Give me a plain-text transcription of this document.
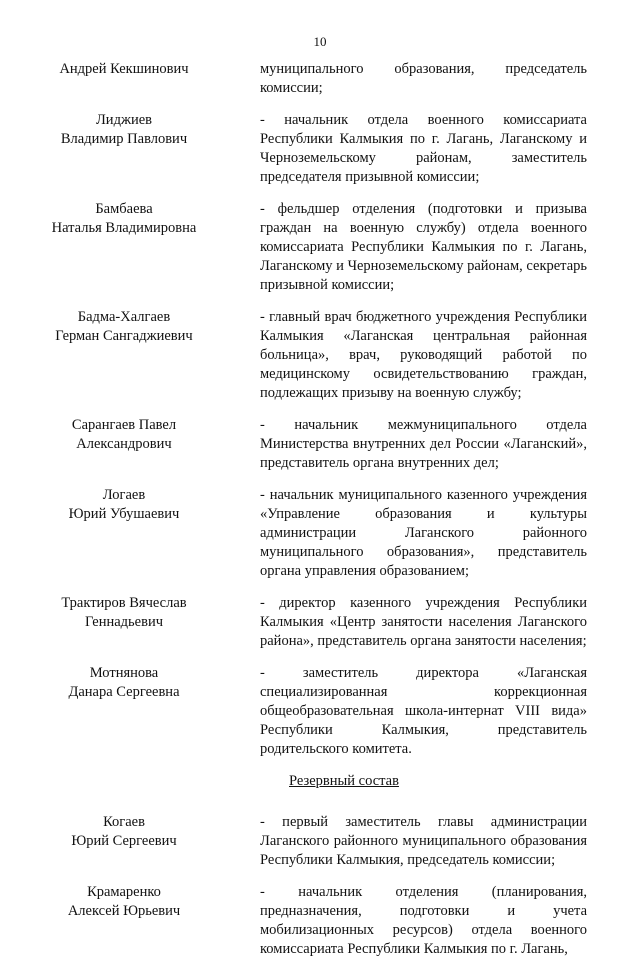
10
Андрей Кекшинович	муниципального образования, председатель комиссии;
Лиджиев
Владимир Павлович
- начальник отдела военного комиссариата Республики Калмыкия по г. Лагань, Лаганскому и Черноземельскому районам, заместитель председателя призывной комиссии;
Бамбаева
Наталья Владимировна
- фельдшер отделения (подготовки и призыва граждан на военную службу) отдела военного комиссариата Республики Калмыкия по г. Лагань, Лаганскому и Черноземельскому районам, секретарь призывной комиссии;
Бадма-Халгаев
Герман Сангаджиевич
- главный врач бюджетного учреждения Республики Калмыкия «Лаганская центральная районная больница», врач, руководящий работой по медицинскому освидетельствованию граждан, подлежащих призыву на военную службу;
Сарангаев Павел
Александрович
- начальник межмуниципального отдела Министерства внутренних дел России «Лаганский», представитель органа внутренних дел;
Логаев
Юрий Убушаевич
- начальник муниципального казенного учреждения «Управление образования и культуры администрации Лаганского районного муниципального образования», представитель органа управления образованием;
Трактиров Вячеслав
Геннадьевич
- директор казенного учреждения Республики Калмыкия «Центр занятости населения Лаганского района», представитель органа занятости населения;
Мотнянова
Данара Сергеевна
- заместитель директора «Лаганская специализированная коррекционная общеобразовательная школа-интернат VIII вида» Республики Калмыкия, представитель родительского комитета.
Резервный состав
Когаев
Юрий Сергеевич
- первый заместитель главы администрации Лаганского районного муниципального образования Республики Калмыкия, председатель комиссии;
Крамаренко
Алексей Юрьевич
- начальник отделения (планирования, предназначения, подготовки и учета мобилизационных ресурсов) отдела военного комиссариата Республики Калмыкия по г. Лагань,
